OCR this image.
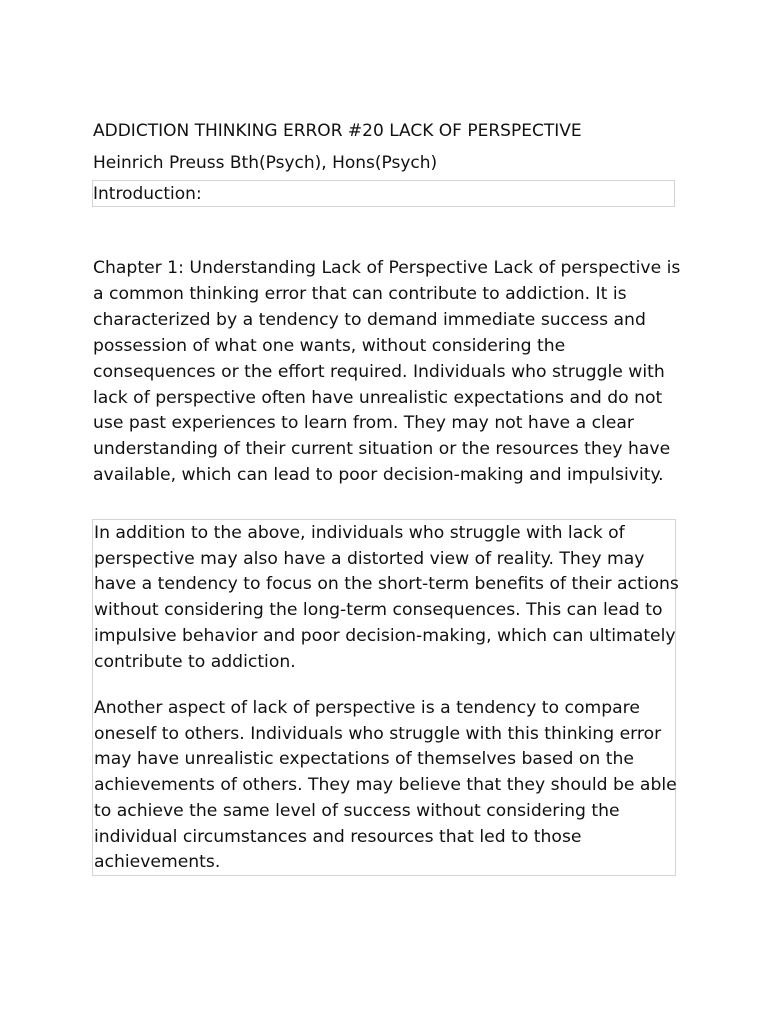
ADDICTION THINKING ERROR #20 LACK OF PERSPECTIVE
Heinrich Preuss Bth(Psych), Hons(Psych)
Introduction:

Chapter 1: Understanding Lack of Perspective Lack of perspective is a common thinking error that can contribute to addiction. It is characterized by a tendency to demand immediate success and possession of what one wants, without considering the consequences or the effort required. Individuals who struggle with lack of perspective often have unrealistic expectations and do not use past experiences to learn from. They may not have a clear understanding of their current situation or the resources they have available, which can lead to poor decision-making and impulsivity.

In addition to the above, individuals who struggle with lack of perspective may also have a distorted view of reality. They may have a tendency to focus on the short-term benefits of their actions without considering the long-term consequences. This can lead to impulsive behavior and poor decision-making, which can ultimately contribute to addiction.

Another aspect of lack of perspective is a tendency to compare oneself to others. Individuals who struggle with this thinking error may have unrealistic expectations of themselves based on the achievements of others. They may believe that they should be able to achieve the same level of success without considering the individual circumstances and resources that led to those achievements.
